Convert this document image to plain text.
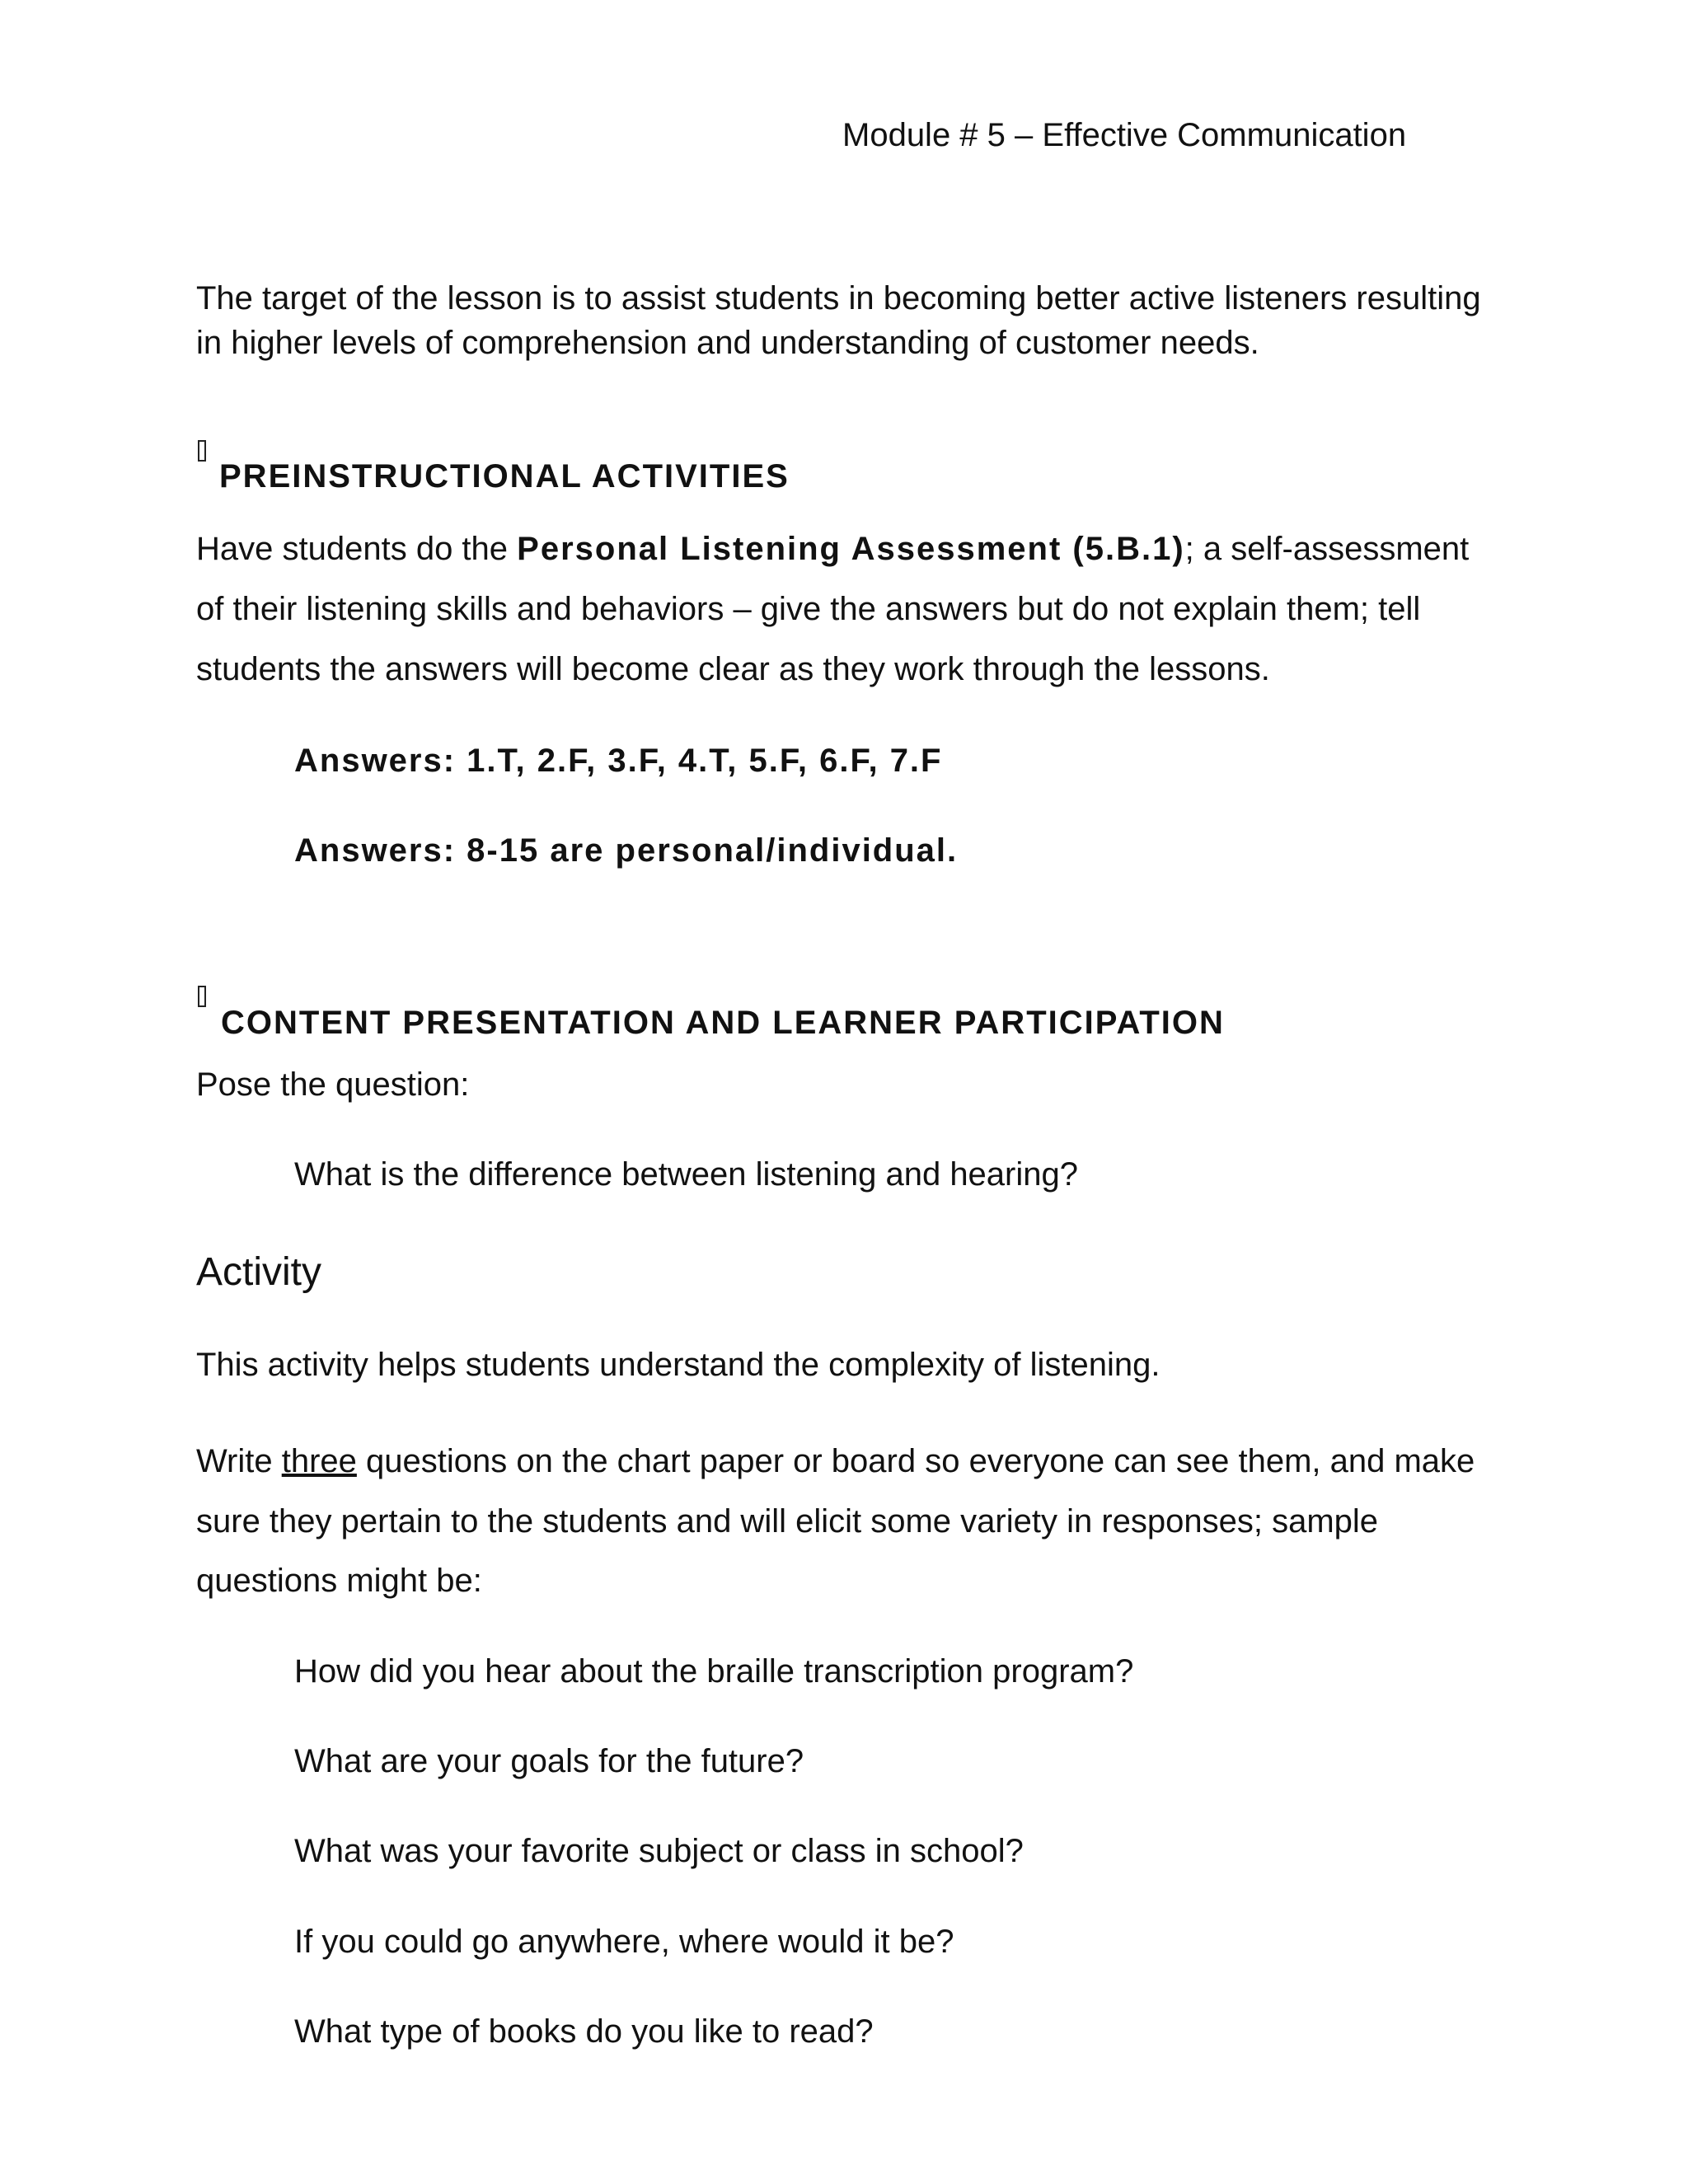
Module # 5 – Effective Communication
The target of the lesson is to assist students in becoming better active listeners resulting
in higher levels of comprehension and understanding of customer needs.
PREINSTRUCTIONAL ACTIVITIES
Have students do the Personal Listening Assessment (5.B.1); a self-assessment
of their listening skills and behaviors – give the answers but do not explain them; tell
students the answers will become clear as they work through the lessons.
Answers: 1.T, 2.F, 3.F, 4.T, 5.F, 6.F, 7.F
Answers: 8-15 are personal/individual.
CONTENT PRESENTATION AND LEARNER PARTICIPATION
Pose the question:
What is the difference between listening and hearing?
Activity
This activity helps students understand the complexity of listening.
Write three questions on the chart paper or board so everyone can see them, and make
sure they pertain to the students and will elicit some variety in responses; sample
questions might be:
How did you hear about the braille transcription program?
What are your goals for the future?
What was your favorite subject or class in school?
If you could go anywhere, where would it be?
What type of books do you like to read?
